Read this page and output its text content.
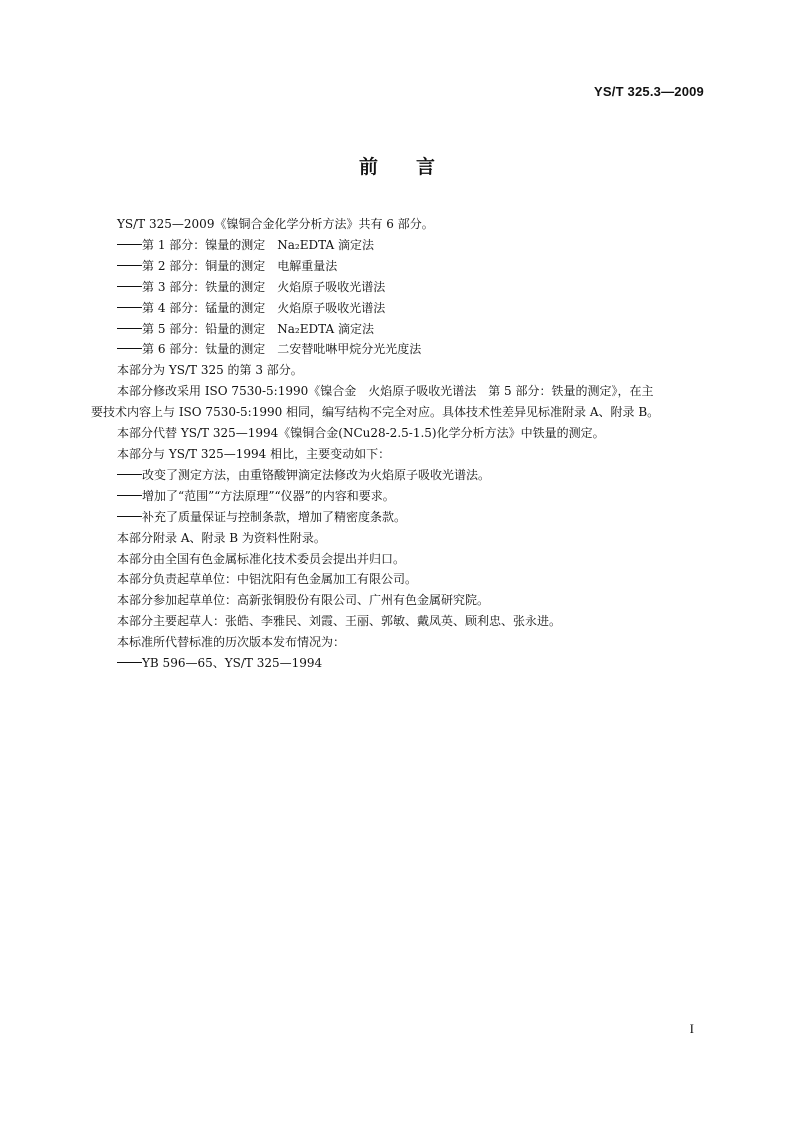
YS/T 325.3—2009
前言
YS/T 325—2009《镍铜合金化学分析方法》共有 6 部分。
第 1 部分：镍量的测定　Na₂EDTA 滴定法
第 2 部分：铜量的测定　电解重量法
第 3 部分：铁量的测定　火焰原子吸收光谱法
第 4 部分：锰量的测定　火焰原子吸收光谱法
第 5 部分：铅量的测定　Na₂EDTA 滴定法
第 6 部分：钛量的测定　二安替吡啉甲烷分光光度法
本部分为 YS/T 325 的第 3 部分。
本部分修改采用 ISO 7530-5:1990《镍合金　火焰原子吸收光谱法　第 5 部分：铁量的测定》，在主
要技术内容上与 ISO 7530-5:1990 相同，编写结构不完全对应。具体技术性差异见标准附录 A、附录 B。
本部分代替 YS/T 325—1994《镍铜合金(NCu28-2.5-1.5)化学分析方法》中铁量的测定。
本部分与 YS/T 325—1994 相比，主要变动如下：
改变了测定方法，由重铬酸钾滴定法修改为火焰原子吸收光谱法。
增加了“范围”“方法原理”“仪器”的内容和要求。
补充了质量保证与控制条款，增加了精密度条款。
本部分附录 A、附录 B 为资料性附录。
本部分由全国有色金属标准化技术委员会提出并归口。
本部分负责起草单位：中铝沈阳有色金属加工有限公司。
本部分参加起草单位：高新张铜股份有限公司、广州有色金属研究院。
本部分主要起草人：张皓、李雅民、刘霞、王丽、郭敏、戴凤英、顾利忠、张永进。
本标准所代替标准的历次版本发布情况为：
YB 596—65、YS/T 325—1994
I
